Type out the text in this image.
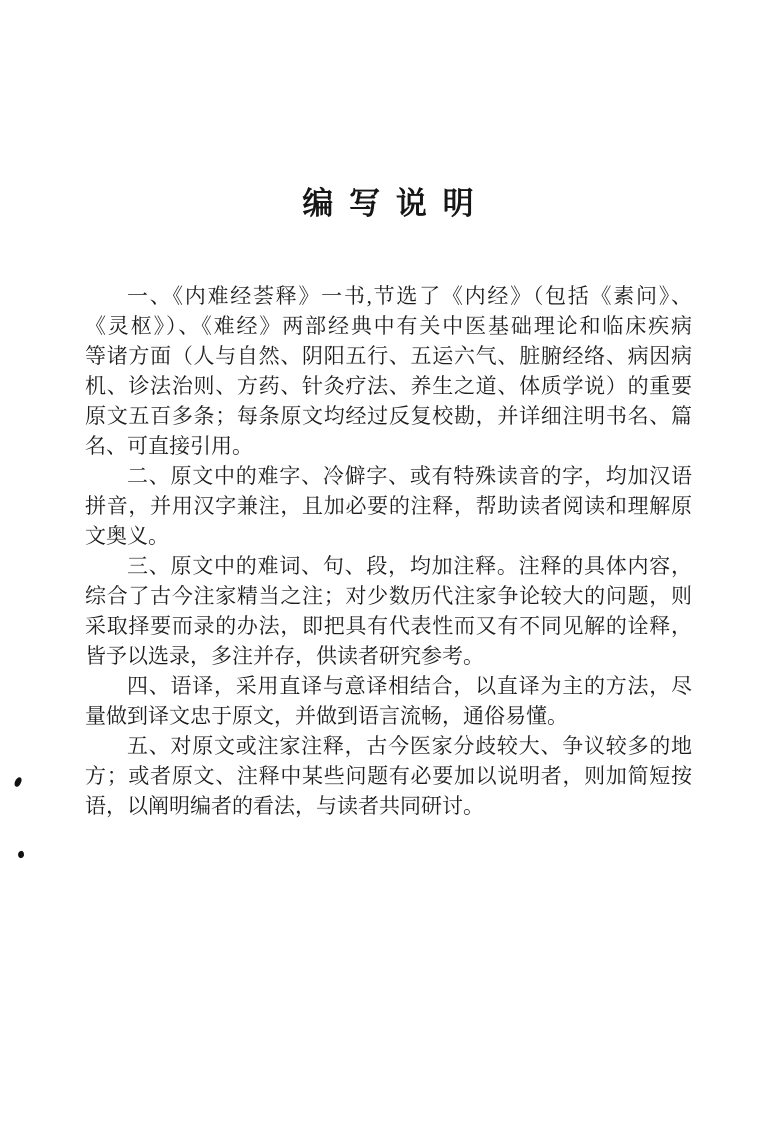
编 写 说 明
一、《内难经荟释》一书,节选了《内经》（包括《素问》、
《灵枢》）、《难经》两部经典中有关中医基础理论和临床疾病
等诸方面（人与自然、阴阳五行、五运六气、脏腑经络、病因病
机、诊法治则、方药、针灸疗法、养生之道、体质学说）的重要
原文五百多条；每条原文均经过反复校勘，并详细注明书名、篇
名、可直接引用。
二、原文中的难字、冷僻字、或有特殊读音的字，均加汉语
拼音，并用汉字兼注，且加必要的注释，帮助读者阅读和理解原
文奥义。
三、原文中的难词、句、段，均加注释。注释的具体内容，
综合了古今注家精当之注；对少数历代注家争论较大的问题，则
采取择要而录的办法，即把具有代表性而又有不同见解的诠释，
皆予以选录，多注并存，供读者研究参考。
四、语译，采用直译与意译相结合，以直译为主的方法，尽
量做到译文忠于原文，并做到语言流畅，通俗易懂。
五、对原文或注家注释，古今医家分歧较大、争议较多的地
方；或者原文、注释中某些问题有必要加以说明者，则加简短按
语，以阐明编者的看法，与读者共同研讨。
